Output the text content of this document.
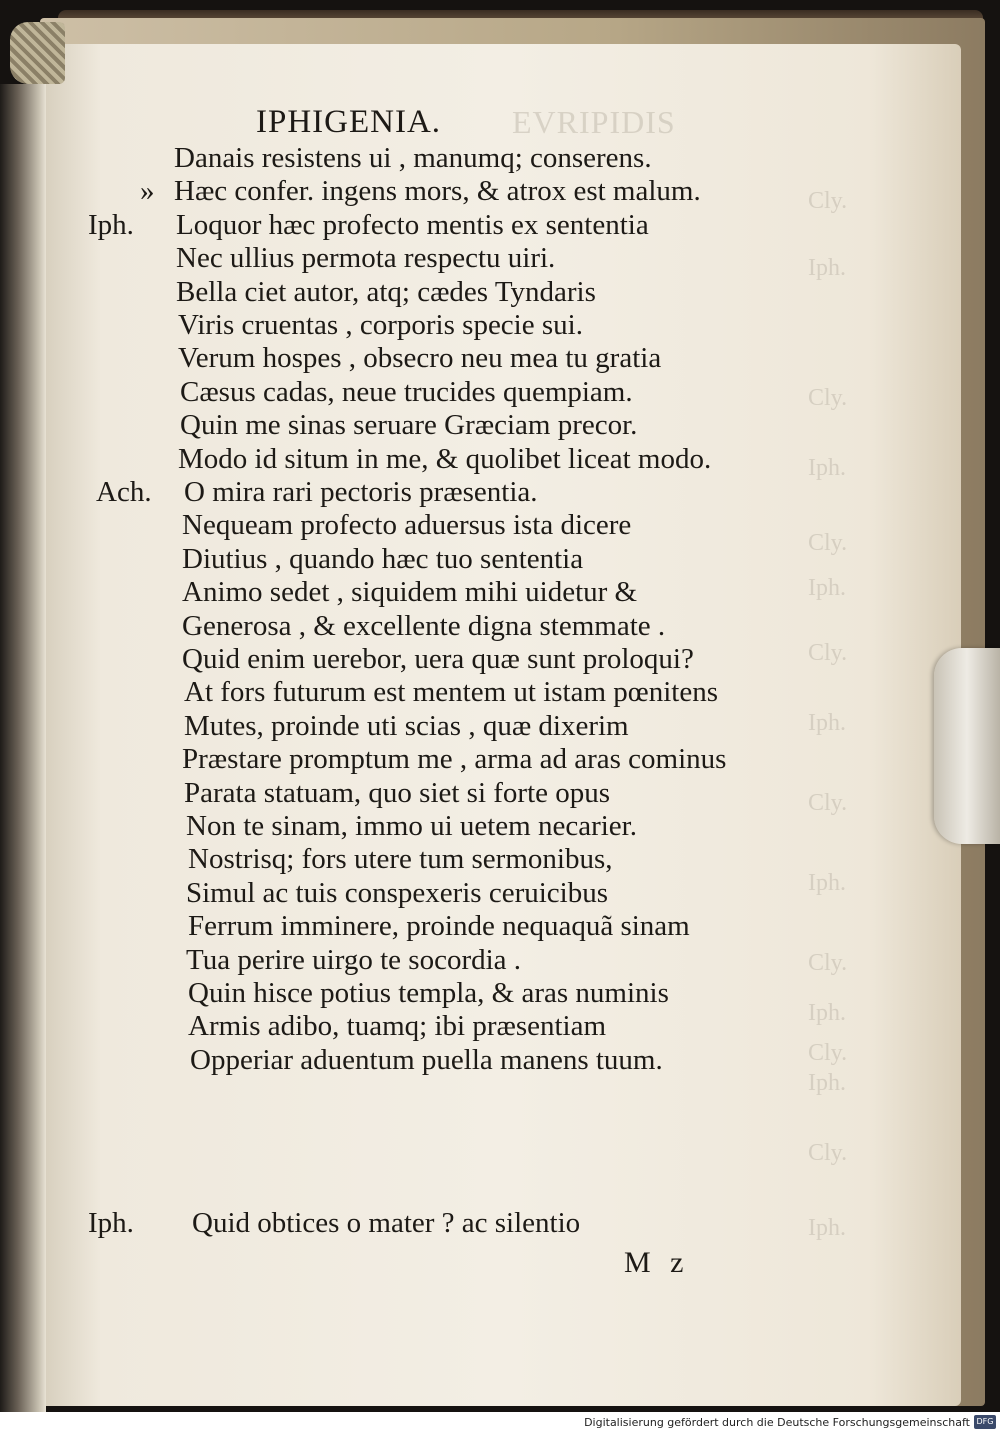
EVRIPIDIS
Cly.
Iph.
Cly.
Iph.
Cly.
Iph.
Cly.
Iph.
Cly.
Iph.
Cly.
Iph.
Cly.
Iph.
Cly.
Iph.
IPHIGENIA.
Danais resistens ui , manumq; conserens.
» Hæc confer. ingens mors, & atrox est malum.
Iph. Loquor hæc profecto mentis ex sententia
Nec ullius permota respectu uiri.
Bella ciet autor, atq; cædes Tyndaris
Viris cruentas , corporis specie sui.
Verum hospes , obsecro neu mea tu gratia
Cæsus cadas, neue trucides quempiam.
Quin me sinas seruare Græciam precor.
Modo id situm in me, & quolibet liceat modo.
Ach. O mira rari pectoris præsentia.
Nequeam profecto aduersus ista dicere
Diutius , quando hæc tuo sententia
Animo sedet , siquidem mihi uidetur &
Generosa , & excellente digna stemmate .
Quid enim uerebor, uera quæ sunt proloqui?
At fors futurum est mentem ut istam pœnitens
Mutes, proinde uti scias , quæ dixerim
Præstare promptum me , arma ad aras cominus
Parata statuam, quo siet si forte opus
Non te sinam, immo ui uetem necarier.
Nostrisq; fors utere tum sermonibus,
Simul ac tuis conspexeris ceruicibus
Ferrum imminere, proinde nequaquã sinam
Tua perire uirgo te socordia .
Quin hisce potius templa, & aras numinis
Armis adibo, tuamq; ibi præsentiam
Opperiar aduentum puella manens tuum.
Iph. Quid obtices o mater ? ac silentio
M z
Digitalisierung gefördert durch die Deutsche Forschungsgemeinschaft DFG
